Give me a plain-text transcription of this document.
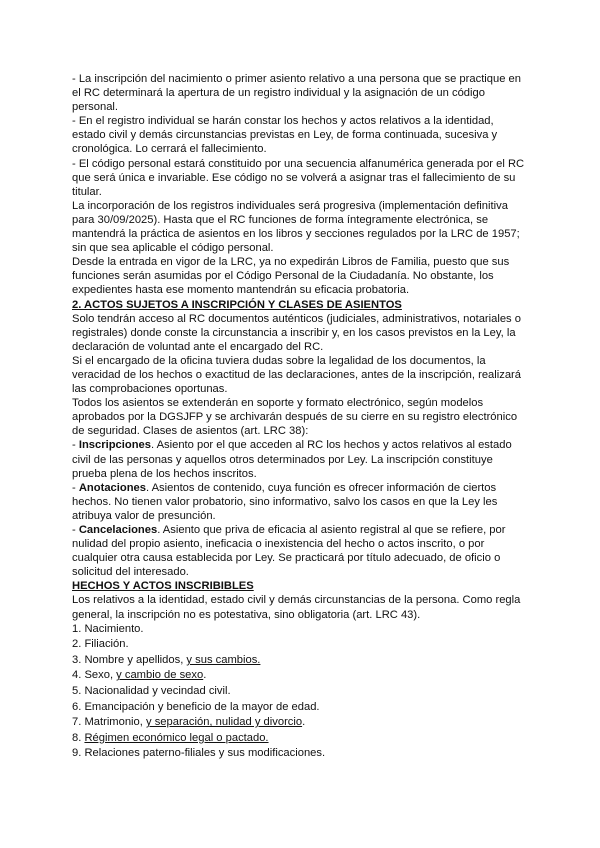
- La inscripción del nacimiento o primer asiento relativo a una persona que se practique en el RC determinará la apertura de un registro individual y la asignación de un código personal.

- En el registro individual se harán constar los hechos y actos relativos a la identidad, estado civil y demás circunstancias previstas en Ley, de forma continuada, sucesiva y cronológica. Lo cerrará el fallecimiento.

- El código personal estará constituido por una secuencia alfanumérica generada por el RC que será única e invariable. Ese código no se volverá a asignar tras el fallecimiento de su titular.

La incorporación de los registros individuales será progresiva (implementación definitiva para 30/09/2025). Hasta que el RC funciones de forma íntegramente electrónica, se mantendrá la práctica de asientos en los libros y secciones regulados por la LRC de 1957; sin que sea aplicable el código personal.

Desde la entrada en vigor de la LRC, ya no expedirán Libros de Familia, puesto que sus funciones serán asumidas por el Código Personal de la Ciudadanía. No obstante, los expedientes hasta ese momento mantendrán su eficacia probatoria.

2. ACTOS SUJETOS A INSCRIPCIÓN Y CLASES DE ASIENTOS

Solo tendrán acceso al RC documentos auténticos (judiciales, administrativos, notariales o registrales) donde conste la circunstancia a inscribir y, en los casos previstos en la Ley, la declaración de voluntad ante el encargado del RC.

Si el encargado de la oficina tuviera dudas sobre la legalidad de los documentos, la veracidad de los hechos o exactitud de las declaraciones, antes de la inscripción, realizará las comprobaciones oportunas.

Todos los asientos se extenderán en soporte y formato electrónico, según modelos aprobados por la DGSJFP y se archivarán después de su cierre en su registro electrónico de seguridad. Clases de asientos (art. LRC 38):

- Inscripciones. Asiento por el que acceden al RC los hechos y actos relativos al estado civil de las personas y aquellos otros determinados por Ley. La inscripción constituye prueba plena de los hechos inscritos.

- Anotaciones. Asientos de contenido, cuya función es ofrecer información de ciertos hechos. No tienen valor probatorio, sino informativo, salvo los casos en que la Ley les atribuya valor de presunción.

- Cancelaciones. Asiento que priva de eficacia al asiento registral al que se refiere, por nulidad del propio asiento, ineficacia o inexistencia del hecho o actos inscrito, o por cualquier otra causa establecida por Ley. Se practicará por título adecuado, de oficio o solicitud del interesado.

HECHOS Y ACTOS INSCRIBIBLES

Los relativos a la identidad, estado civil y demás circunstancias de la persona. Como regla general, la inscripción no es potestativa, sino obligatoria (art. LRC 43).

1. Nacimiento.
2. Filiación.
3. Nombre y apellidos, y sus cambios.
4. Sexo, y cambio de sexo.
5. Nacionalidad y vecindad civil.
6. Emancipación y beneficio de la mayor de edad.
7. Matrimonio, y separación, nulidad y divorcio.
8. Régimen económico legal o pactado.
9. Relaciones paterno-filiales y sus modificaciones.
